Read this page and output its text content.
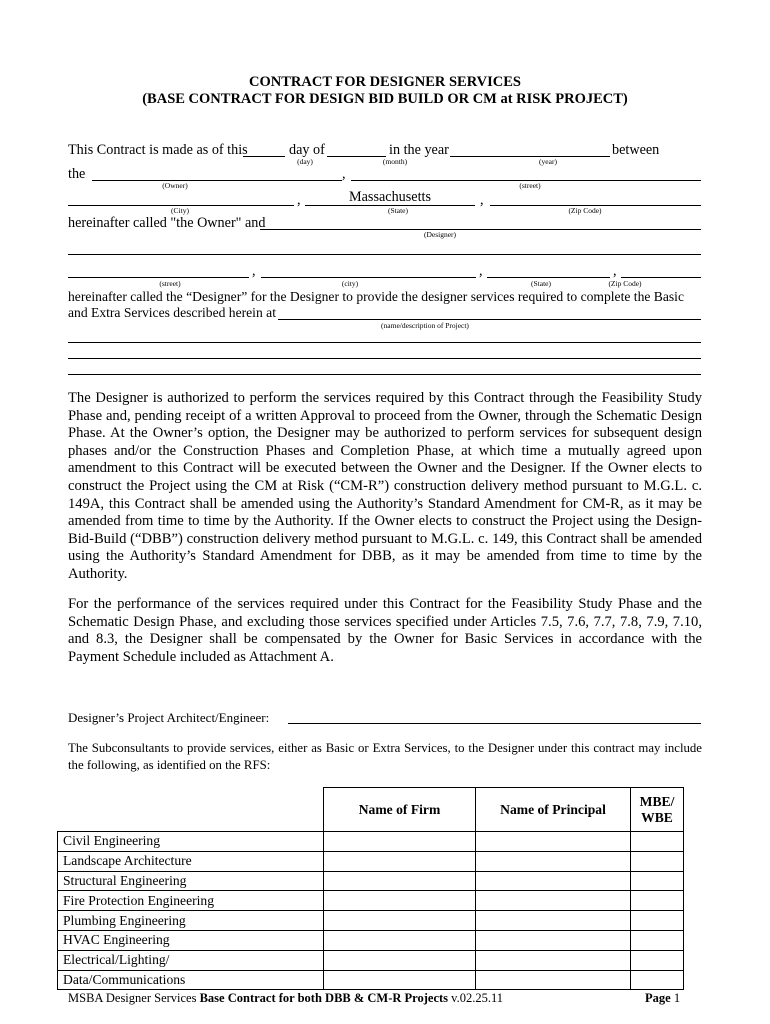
CONTRACT FOR DESIGNER SERVICES
(BASE CONTRACT FOR DESIGN BID BUILD OR CM at RISK PROJECT)
This Contract is made as of this	day of	in the year	between
(day)	(month)	(year)
the	,
(Owner)	(street)
,	Massachusetts	,
(City)	(State)	(Zip Code)
hereinafter called "the Owner" and
(Designer)
,	,	,
(street)	(city)	(State)	(Zip Code)
hereinafter called the “Designer” for the Designer to provide the designer services required to complete the Basic
and Extra Services described herein at
(name/description of Project)
The Designer is authorized to perform the services required by this Contract through the Feasibility Study Phase and, pending receipt of a written Approval to proceed from the Owner, through the Schematic Design Phase. At the Owner’s option, the Designer may be authorized to perform services for subsequent design phases and/or the Construction Phases and Completion Phase, at which time a mutually agreed upon amendment to this Contract will be executed between the Owner and the Designer. If the Owner elects to construct the Project using the CM at Risk (“CM-R”) construction delivery method pursuant to M.G.L. c. 149A, this Contract shall be amended using the Authority’s Standard Amendment for CM-R, as it may be amended from time to time by the Authority. If the Owner elects to construct the Project using the Design-Bid-Build (“DBB”) construction delivery method pursuant to M.G.L. c. 149, this Contract shall be amended using the Authority’s Standard Amendment for DBB, as it may be amended from time to time by the Authority.
For the performance of the services required under this Contract for the Feasibility Study Phase and the Schematic Design Phase, and excluding those services specified under Articles 7.5, 7.6, 7.7, 7.8, 7.9, 7.10, and 8.3, the Designer shall be compensated by the Owner for Basic Services in accordance with the Payment Schedule included as Attachment A.
Designer’s Project Architect/Engineer:
The Subconsultants to provide services, either as Basic or Extra Services, to the Designer under this contract may include the following, as identified on the RFS:
	Name of Firm	Name of Principal	MBE/
WBE
Civil Engineering			
Landscape Architecture			
Structural Engineering			
Fire Protection Engineering			
Plumbing Engineering			
HVAC Engineering			
Electrical/Lighting/			
Data/Communications			
MSBA Designer Services Base Contract for both DBB & CM-R Projects v.02.25.11	Page 1
